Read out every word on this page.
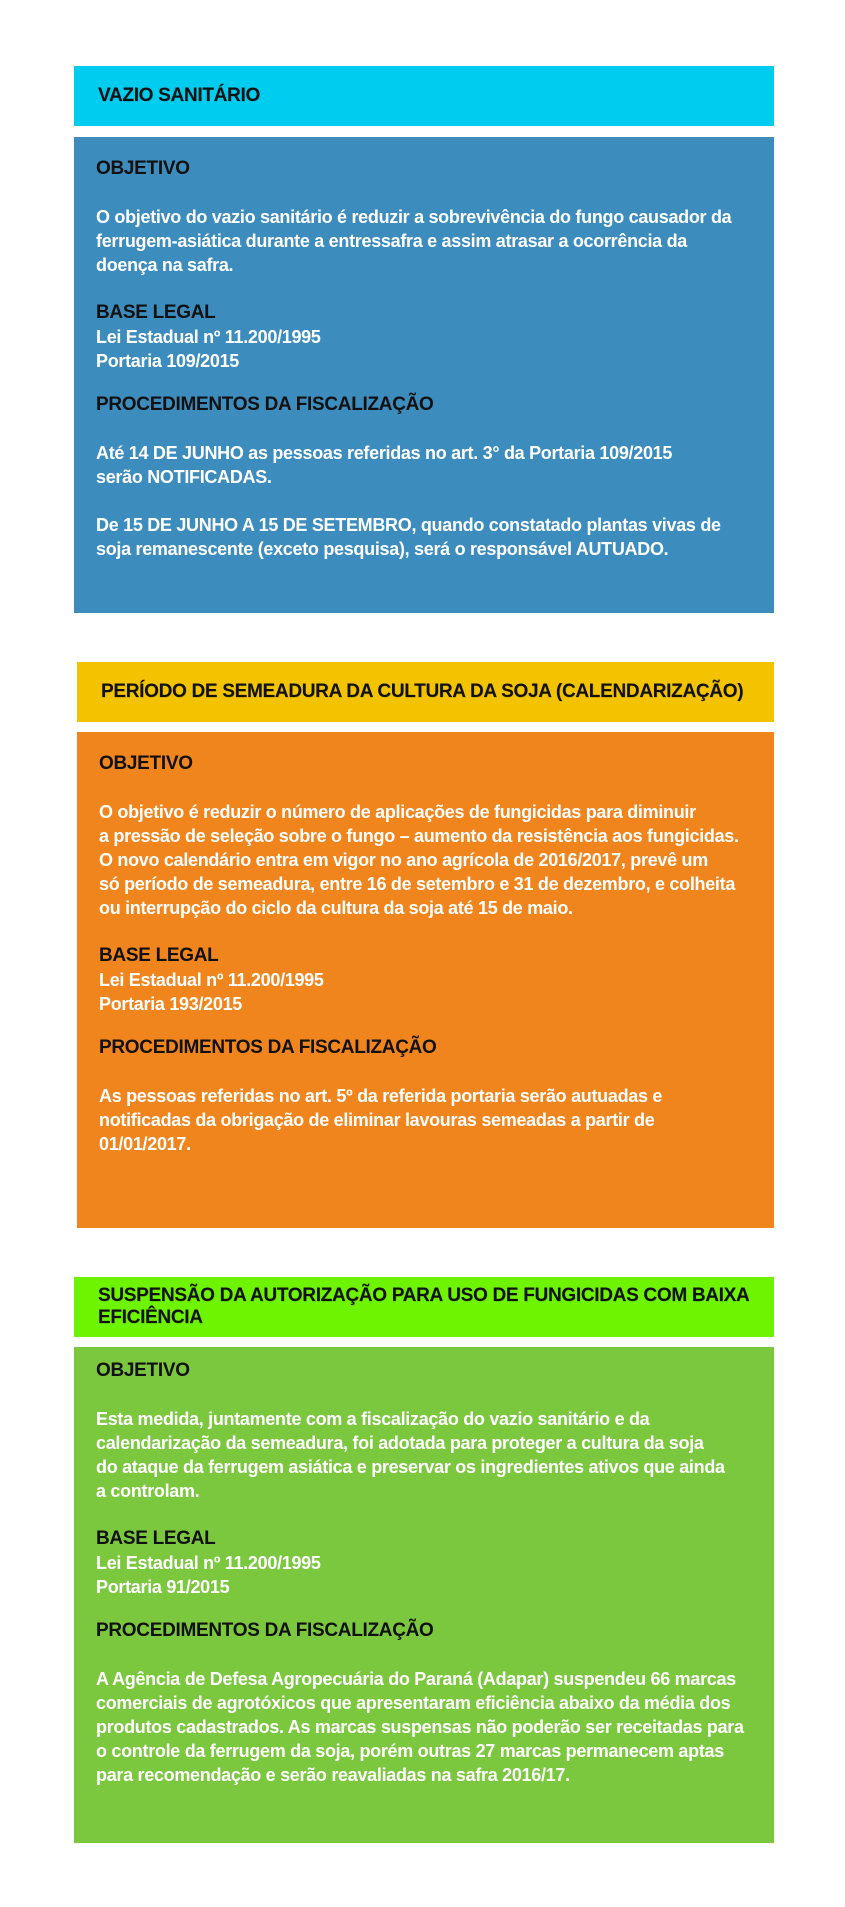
VAZIO SANITÁRIO

OBJETIVO

O objetivo do vazio sanitário é reduzir a sobrevivência do fungo causador da

ferrugem-asiática durante a entressafra e assim atrasar a ocorrência da

doença na safra.

BASE LEGAL

Lei Estadual nº 11.200/1995

Portaria 109/2015

PROCEDIMENTOS DA FISCALIZAÇÃO

Até 14 DE JUNHO as pessoas referidas no art. 3° da Portaria 109/2015

serão NOTIFICADAS.

De 15 DE JUNHO A 15 DE SETEMBRO, quando constatado plantas vivas de

soja remanescente (exceto pesquisa), será o responsável AUTUADO.

PERÍODO DE SEMEADURA DA CULTURA DA SOJA (CALENDARIZAÇÃO)

OBJETIVO

O objetivo é reduzir o número de aplicações de fungicidas para diminuir

a pressão de seleção sobre o fungo – aumento da resistência aos fungicidas.

O novo calendário entra em vigor no ano agrícola de 2016/2017, prevê um

só período de semeadura, entre 16 de setembro e 31 de dezembro, e colheita

ou interrupção do ciclo da cultura da soja até 15 de maio.

BASE LEGAL

Lei Estadual nº 11.200/1995

Portaria 193/2015

PROCEDIMENTOS DA FISCALIZAÇÃO

As pessoas referidas no art. 5º da referida portaria serão autuadas e

notificadas da obrigação de eliminar lavouras semeadas a partir de

01/01/2017.

SUSPENSÃO DA AUTORIZAÇÃO PARA USO DE FUNGICIDAS COM BAIXA EFICIÊNCIA

OBJETIVO

Esta medida, juntamente com a fiscalização do vazio sanitário e da

calendarização da semeadura, foi adotada para proteger a cultura da soja

do ataque da ferrugem asiática e preservar os ingredientes ativos que ainda

a controlam.

BASE LEGAL

Lei Estadual nº 11.200/1995

Portaria 91/2015

PROCEDIMENTOS DA FISCALIZAÇÃO

A Agência de Defesa Agropecuária do Paraná (Adapar) suspendeu 66 marcas

comerciais de agrotóxicos que apresentaram eficiência abaixo da média dos

produtos cadastrados. As marcas suspensas não poderão ser receitadas para

o controle da ferrugem da soja, porém outras 27 marcas permanecem aptas

para recomendação e serão reavaliadas na safra 2016/17.
